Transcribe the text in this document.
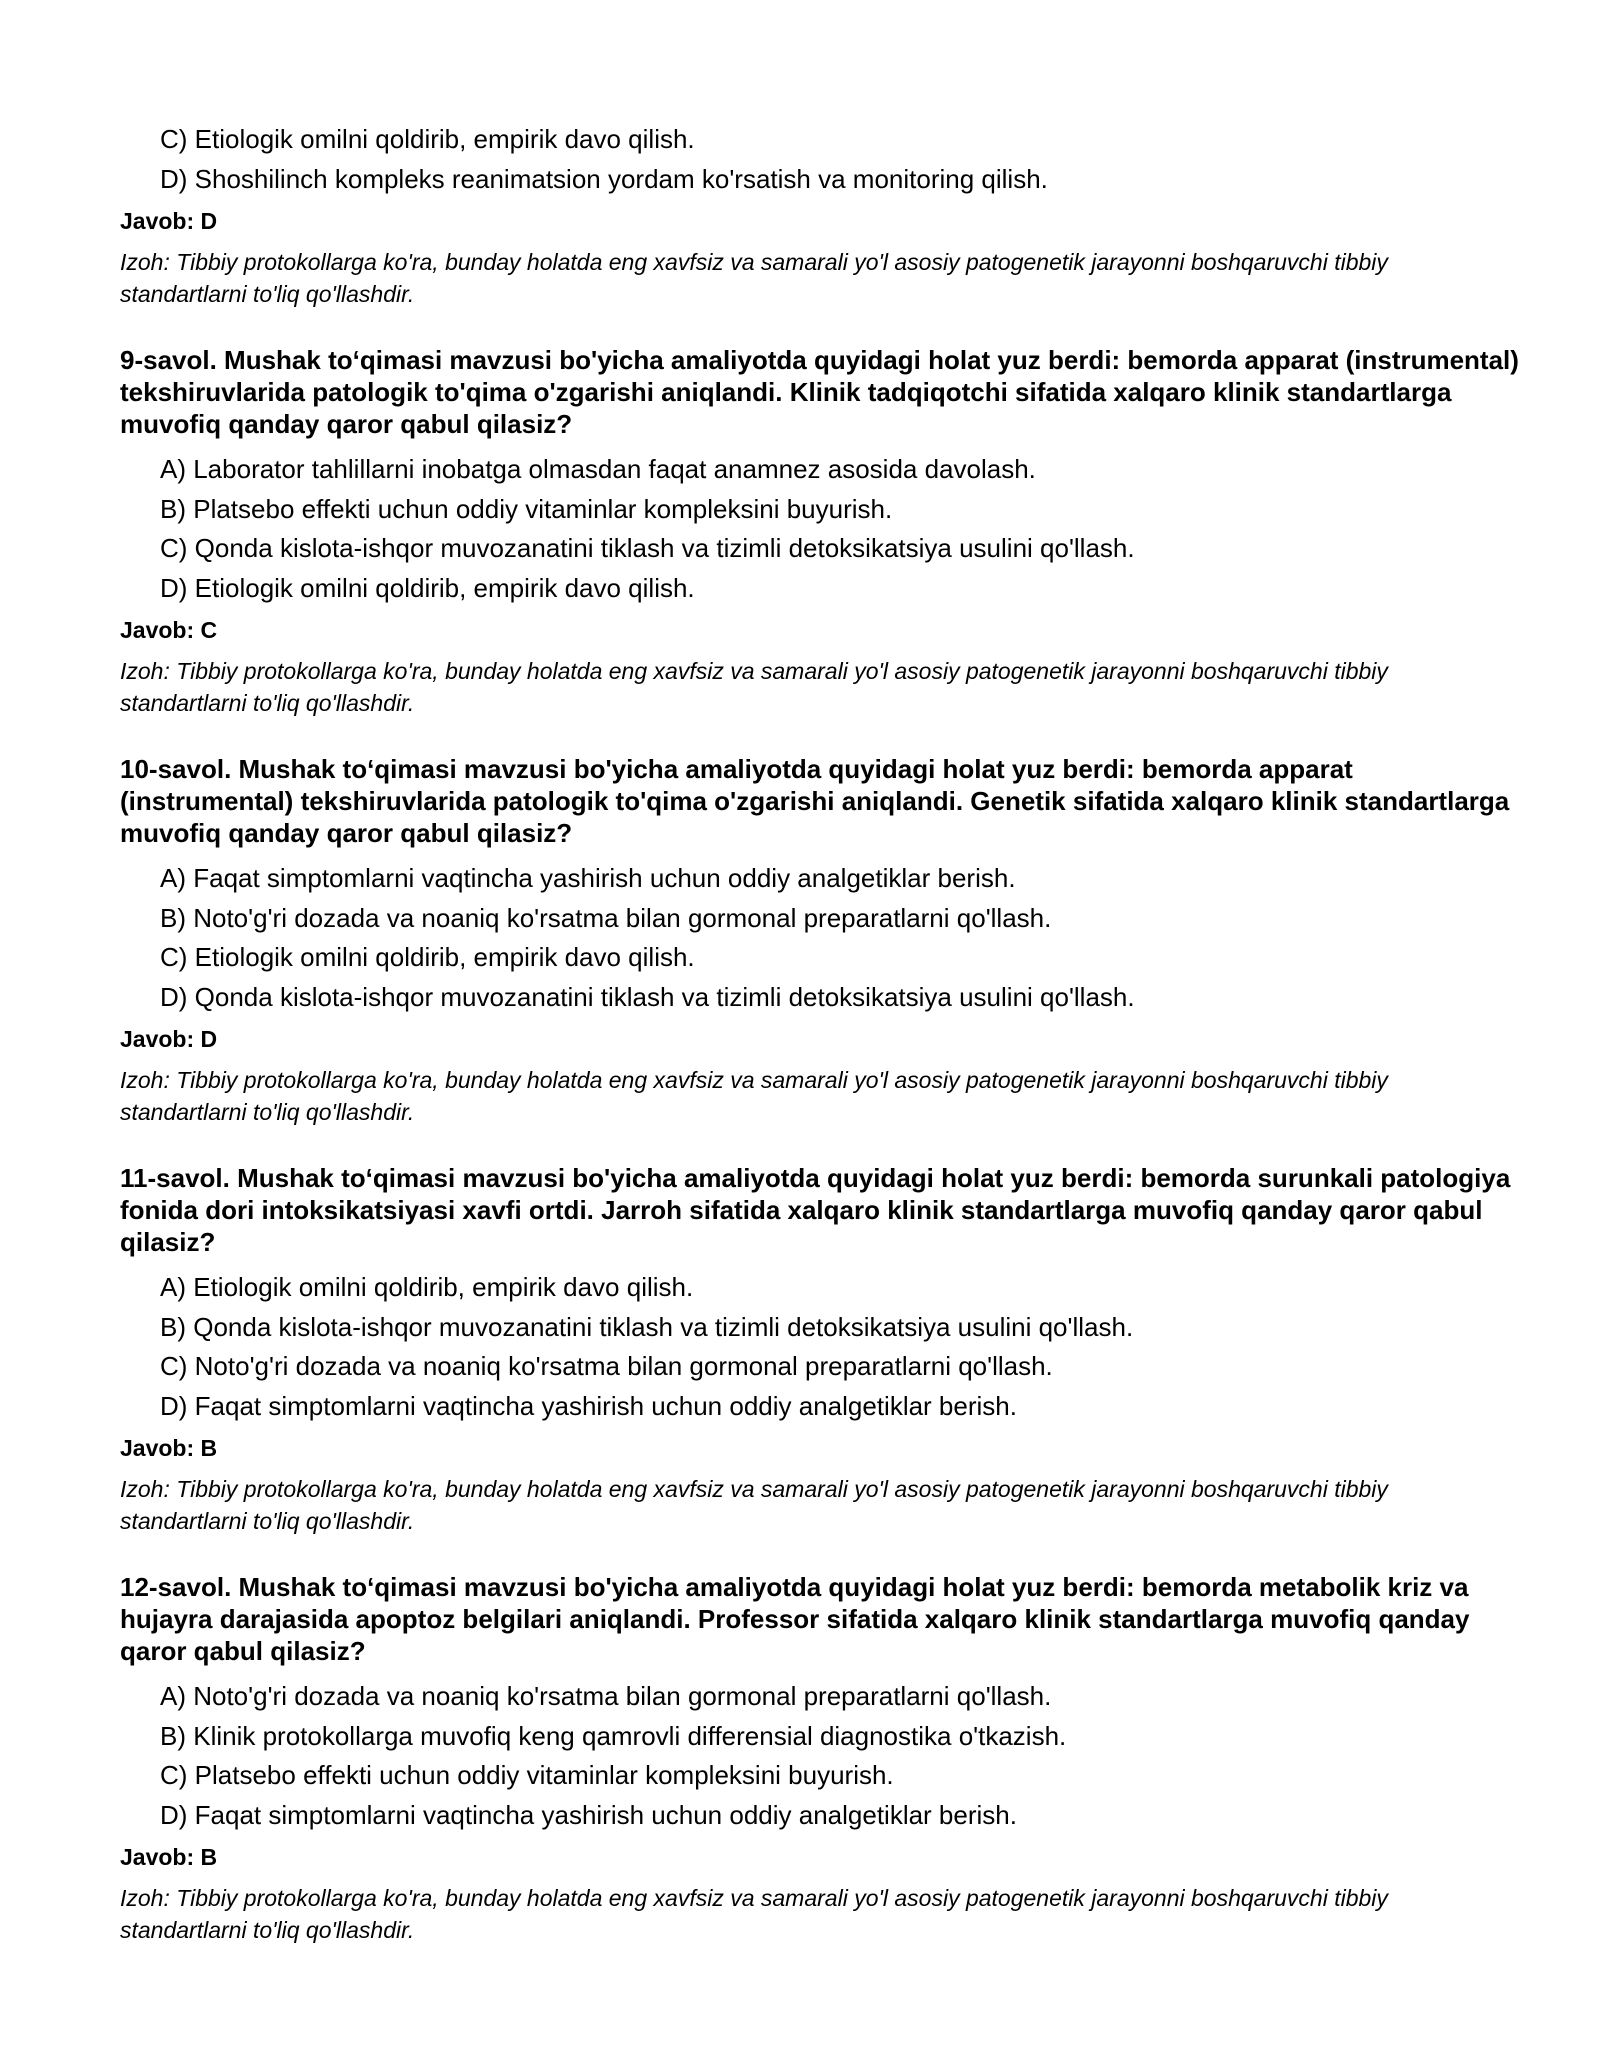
C) Etiologik omilni qoldirib, empirik davo qilish.
D) Shoshilinch kompleks reanimatsion yordam ko'rsatish va monitoring qilish.
Javob: D
Izoh: Tibbiy protokollarga ko'ra, bunday holatda eng xavfsiz va samarali yo'l asosiy patogenetik jarayonni boshqaruvchi tibbiy standartlarni to'liq qo'llashdir.
9-savol. Mushak to‘qimasi mavzusi bo'yicha amaliyotda quyidagi holat yuz berdi: bemorda apparat (instrumental) tekshiruvlarida patologik to'qima o'zgarishi aniqlandi. Klinik tadqiqotchi sifatida xalqaro klinik standartlarga muvofiq qanday qaror qabul qilasiz?
A) Laborator tahlillarni inobatga olmasdan faqat anamnez asosida davolash.
B) Platsebo effekti uchun oddiy vitaminlar kompleksini buyurish.
C) Qonda kislota-ishqor muvozanatini tiklash va tizimli detoksikatsiya usulini qo'llash.
D) Etiologik omilni qoldirib, empirik davo qilish.
Javob: C
Izoh: Tibbiy protokollarga ko'ra, bunday holatda eng xavfsiz va samarali yo'l asosiy patogenetik jarayonni boshqaruvchi tibbiy standartlarni to'liq qo'llashdir.
10-savol. Mushak to‘qimasi mavzusi bo'yicha amaliyotda quyidagi holat yuz berdi: bemorda apparat (instrumental) tekshiruvlarida patologik to'qima o'zgarishi aniqlandi. Genetik sifatida xalqaro klinik standartlarga muvofiq qanday qaror qabul qilasiz?
A) Faqat simptomlarni vaqtincha yashirish uchun oddiy analgetiklar berish.
B) Noto'g'ri dozada va noaniq ko'rsatma bilan gormonal preparatlarni qo'llash.
C) Etiologik omilni qoldirib, empirik davo qilish.
D) Qonda kislota-ishqor muvozanatini tiklash va tizimli detoksikatsiya usulini qo'llash.
Javob: D
Izoh: Tibbiy protokollarga ko'ra, bunday holatda eng xavfsiz va samarali yo'l asosiy patogenetik jarayonni boshqaruvchi tibbiy standartlarni to'liq qo'llashdir.
11-savol. Mushak to‘qimasi mavzusi bo'yicha amaliyotda quyidagi holat yuz berdi: bemorda surunkali patologiya fonida dori intoksikatsiyasi xavfi ortdi. Jarroh sifatida xalqaro klinik standartlarga muvofiq qanday qaror qabul qilasiz?
A) Etiologik omilni qoldirib, empirik davo qilish.
B) Qonda kislota-ishqor muvozanatini tiklash va tizimli detoksikatsiya usulini qo'llash.
C) Noto'g'ri dozada va noaniq ko'rsatma bilan gormonal preparatlarni qo'llash.
D) Faqat simptomlarni vaqtincha yashirish uchun oddiy analgetiklar berish.
Javob: B
Izoh: Tibbiy protokollarga ko'ra, bunday holatda eng xavfsiz va samarali yo'l asosiy patogenetik jarayonni boshqaruvchi tibbiy standartlarni to'liq qo'llashdir.
12-savol. Mushak to‘qimasi mavzusi bo'yicha amaliyotda quyidagi holat yuz berdi: bemorda metabolik kriz va hujayra darajasida apoptoz belgilari aniqlandi. Professor sifatida xalqaro klinik standartlarga muvofiq qanday qaror qabul qilasiz?
A) Noto'g'ri dozada va noaniq ko'rsatma bilan gormonal preparatlarni qo'llash.
B) Klinik protokollarga muvofiq keng qamrovli differensial diagnostika o'tkazish.
C) Platsebo effekti uchun oddiy vitaminlar kompleksini buyurish.
D) Faqat simptomlarni vaqtincha yashirish uchun oddiy analgetiklar berish.
Javob: B
Izoh: Tibbiy protokollarga ko'ra, bunday holatda eng xavfsiz va samarali yo'l asosiy patogenetik jarayonni boshqaruvchi tibbiy standartlarni to'liq qo'llashdir.
